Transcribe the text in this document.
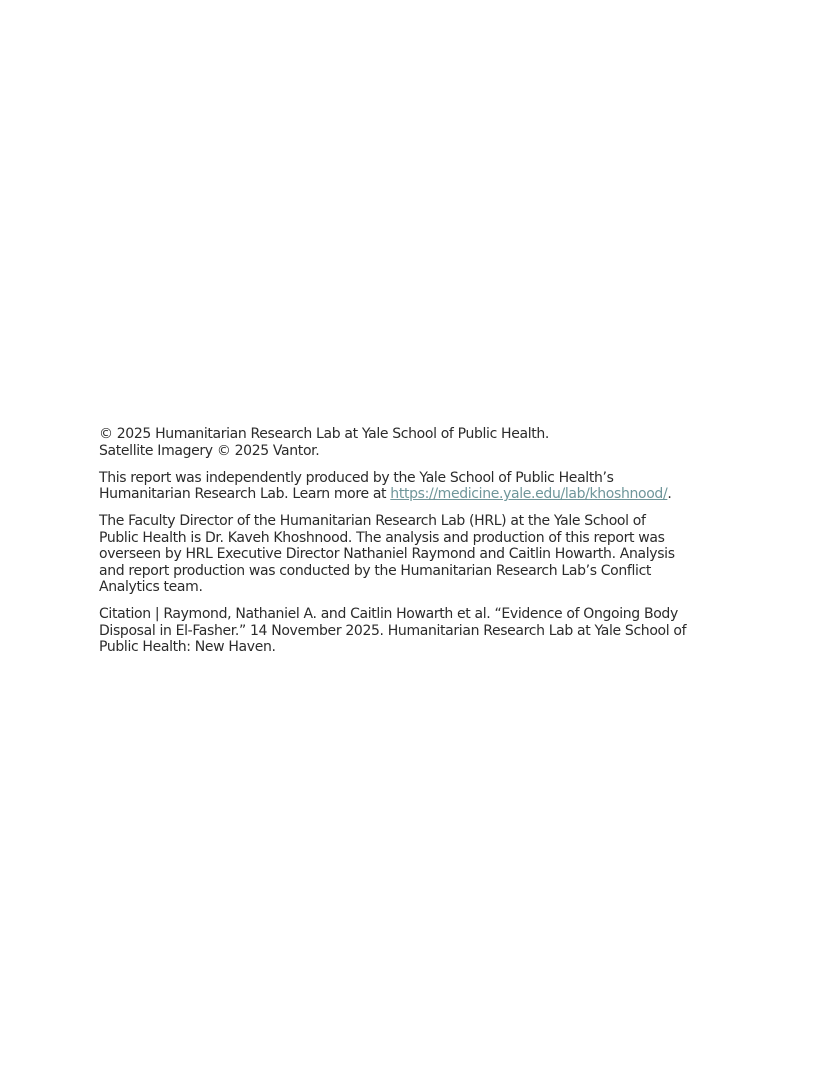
© 2025 Humanitarian Research Lab at Yale School of Public Health.
Satellite Imagery © 2025 Vantor.

This report was independently produced by the Yale School of Public Health’s
Humanitarian Research Lab. Learn more at https://medicine.yale.edu/lab/khoshnood/.

The Faculty Director of the Humanitarian Research Lab (HRL) at the Yale School of
Public Health is Dr. Kaveh Khoshnood. The analysis and production of this report was
overseen by HRL Executive Director Nathaniel Raymond and Caitlin Howarth. Analysis
and report production was conducted by the Humanitarian Research Lab’s Conflict
Analytics team.

Citation | Raymond, Nathaniel A. and Caitlin Howarth et al. “Evidence of Ongoing Body
Disposal in El-Fasher.” 14 November 2025. Humanitarian Research Lab at Yale School of
Public Health: New Haven.
